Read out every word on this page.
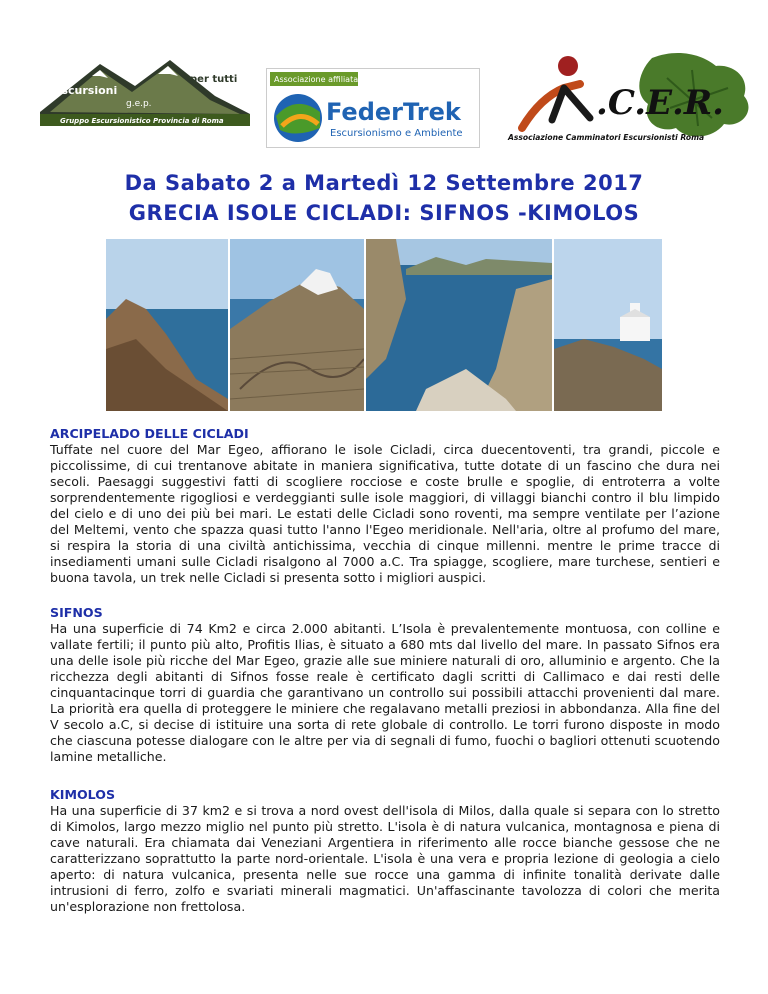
escursioni
g.e.p.
per tutti
Gruppo Escursionistico Provincia di Roma
Associazione affiliata
FederTrek
Escursionismo e Ambiente
.C.E.R.
Associazione Camminatori Escursionisti Roma
Da Sabato 2 a Martedì 12 Settembre 2017
GRECIA ISOLE CICLADI: SIFNOS -KIMOLOS
ARCIPELADO DELLE CICLADI

Tuffate nel cuore del Mar Egeo, affiorano le isole Cicladi, circa duecentoventi, tra grandi, piccole e piccolissime, di cui trentanove abitate in maniera significativa, tutte dotate di un fascino che dura nei secoli. Paesaggi suggestivi fatti di scogliere rocciose e coste brulle e spoglie, di entroterra a volte sorprendentemente rigogliosi e verdeggianti sulle isole maggiori, di villaggi bianchi contro il blu limpido del cielo e di uno dei più bei mari. Le estati delle Cicladi sono roventi, ma sempre ventilate per l’azione del Meltemi, vento che spazza quasi tutto l'anno l'Egeo meridionale. Nell'aria, oltre al profumo del mare, si respira la storia di una civiltà antichissima, vecchia di cinque millenni. mentre le prime tracce di insediamenti umani sulle Cicladi risalgono al 7000 a.C. Tra spiagge, scogliere, mare turchese, sentieri e buona tavola, un trek nelle Cicladi si presenta sotto i migliori auspici.

SIFNOS

Ha una superficie di 74 Km2 e circa 2.000 abitanti. L’Isola è prevalentemente montuosa, con colline e vallate fertili; il punto più alto, Profitis Ilias, è situato a 680 mts dal livello del mare. In passato Sifnos era una delle isole più ricche del Mar Egeo, grazie alle sue miniere naturali di oro, alluminio e argento. Che la ricchezza degli abitanti di Sifnos fosse reale è certificato dagli scritti di Callimaco e dai resti delle cinquantacinque torri di guardia che garantivano un controllo sui possibili attacchi provenienti dal mare. La priorità era quella di proteggere le miniere che regalavano metalli preziosi in abbondanza. Alla fine del V secolo a.C, si decise di istituire una sorta di rete globale di controllo. Le torri furono disposte in modo che ciascuna potesse dialogare con le altre per via di segnali di fumo, fuochi o bagliori ottenuti scuotendo lamine metalliche.

KIMOLOS

Ha una superficie di 37 km2 e si trova a nord ovest dell'isola di Milos, dalla quale si separa con lo stretto di Kimolos, largo mezzo miglio nel punto più stretto. L'isola è di natura vulcanica, montagnosa e piena di cave naturali. Era chiamata dai Veneziani Argentiera in riferimento alle rocce bianche gessose che ne caratterizzano soprattutto la parte nord-orientale. L'isola è una vera e propria lezione di geologia a cielo aperto: di natura vulcanica, presenta nelle sue rocce una gamma di infinite tonalità derivate dalle intrusioni di ferro, zolfo e svariati minerali magmatici. Un'affascinante tavolozza di colori che merita un'esplorazione non frettolosa.
